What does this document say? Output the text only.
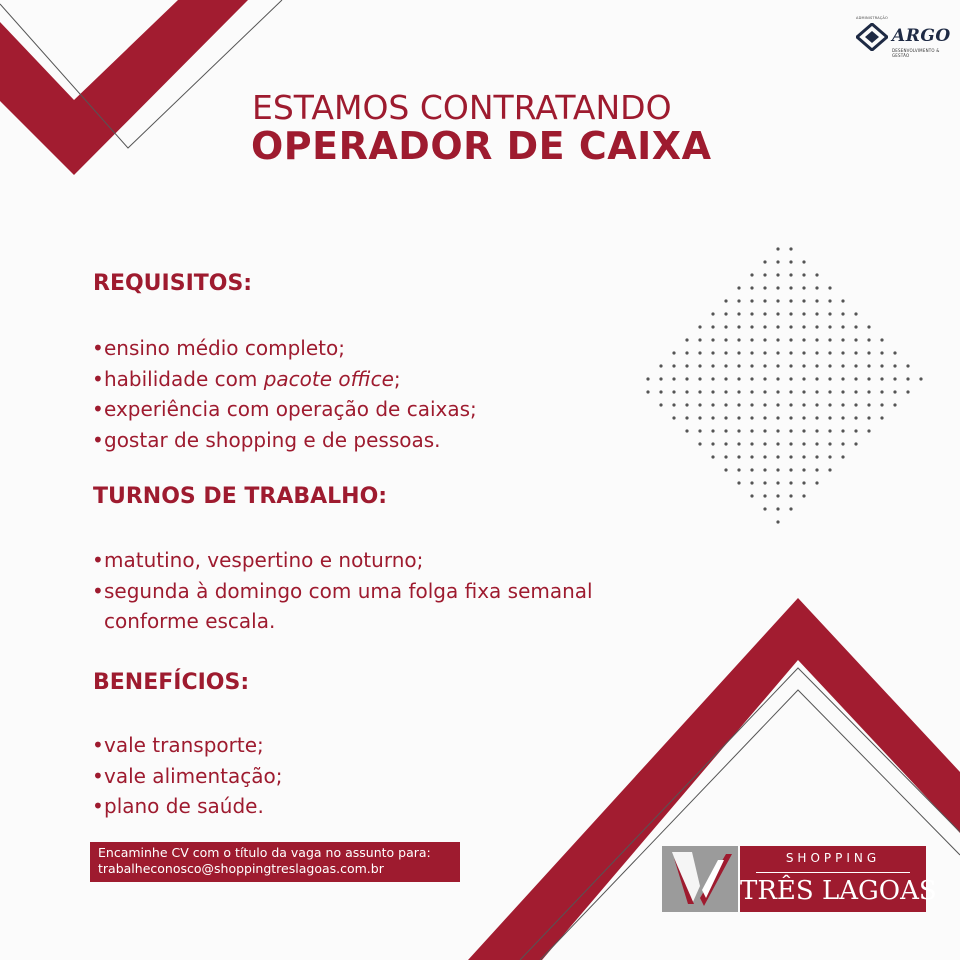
ADMINISTRAÇÃO
ARGO
DESENVOLVIMENTO & GESTÃO
ESTAMOS CONTRATANDO
OPERADOR DE CAIXA
REQUISITOS:
• ensino médio completo;
• habilidade com pacote office;
• experiência com operação de caixas;
• gostar de shopping e de pessoas.
TURNOS DE TRABALHO:
• matutino, vespertino e noturno;
• segunda à domingo com uma folga fixa semanal conforme escala.
BENEFÍCIOS:
• vale transporte;
• vale alimentação;
• plano de saúde.
Encaminhe CV com o título da vaga no assunto para:
trabalheconosco@shoppingtreslagoas.com.br
SHOPPING
TRÊS LAGOAS
